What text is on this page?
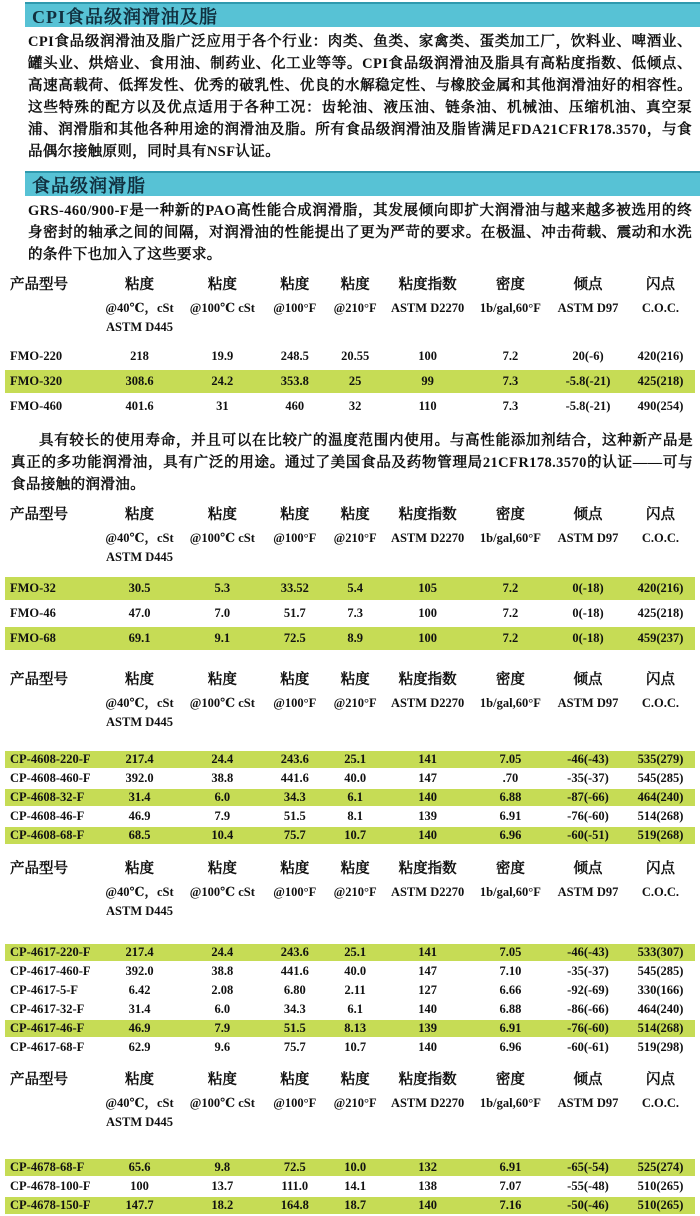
CPI食品级润滑油及脂

CPI食品级润滑油及脂广泛应用于各个行业：肉类、鱼类、家禽类、蛋类加工厂，饮料业、啤酒业、罐头业、烘焙业、食用油、制药业、化工业等等。CPI食品级润滑油及脂具有高粘度指数、低倾点、高速高载荷、低挥发性、优秀的破乳性、优良的水解稳定性、与橡胶金属和其他润滑油好的相容性。这些特殊的配方以及优点适用于各种工况：齿轮油、液压油、链条油、机械油、压缩机油、真空泵浦、润滑脂和其他各种用途的润滑油及脂。所有食品级润滑油及脂皆满足FDA21CFR178.3570，与食品偶尔接触原则，同时具有NSF认证。

食品级润滑脂

GRS-460/900-F是一种新的PAO高性能合成润滑脂，其发展倾向即扩大润滑油与越来越多被选用的终身密封的轴承之间的间隔，对润滑油的性能提出了更为严苛的要求。在极温、冲击荷载、震动和水洗的条件下也加入了这些要求。

产品型号	粘度	粘度	粘度	粘度	粘度指数	密度	倾点	闪点
	@40℃，cSt	@100℃ cSt	@100°F	@210°F	ASTM D2270	1b/gal,60°F	ASTM D97	C.O.C.
	ASTM D445							

FMO-220	218	19.9	248.5	20.55	100	7.2	20(-6)	420(216)
FMO-320	308.6	24.2	353.8	25	99	7.3	-5.8(-21)	425(218)
FMO-460	401.6	31	460	32	110	7.3	-5.8(-21)	490(254)

具有较长的使用寿命，并且可以在比较广的温度范围内使用。与高性能添加剂结合，这种新产品是真正的多功能润滑油，具有广泛的用途。通过了美国食品及药物管理局21CFR178.3570的认证——可与食品接触的润滑油。

产品型号	粘度	粘度	粘度	粘度	粘度指数	密度	倾点	闪点
	@40℃，cSt	@100℃ cSt	@100°F	@210°F	ASTM D2270	1b/gal,60°F	ASTM D97	C.O.C.
	ASTM D445							

FMO-32	30.5	5.3	33.52	5.4	105	7.2	0(-18)	420(216)
FMO-46	47.0	7.0	51.7	7.3	100	7.2	0(-18)	425(218)
FMO-68	69.1	9.1	72.5	8.9	100	7.2	0(-18)	459(237)
产品型号	粘度	粘度	粘度	粘度	粘度指数	密度	倾点	闪点
	@40℃，cSt	@100℃ cSt	@100°F	@210°F	ASTM D2270	1b/gal,60°F	ASTM D97	C.O.C.
	ASTM D445							

CP-4608-220-F	217.4	24.4	243.6	25.1	141	7.05	-46(-43)	535(279)
CP-4608-460-F	392.0	38.8	441.6	40.0	147	.70	-35(-37)	545(285)
CP-4608-32-F	31.4	6.0	34.3	6.1	140	6.88	-87(-66)	464(240)
CP-4608-46-F	46.9	7.9	51.5	8.1	139	6.91	-76(-60)	514(268)
CP-4608-68-F	68.5	10.4	75.7	10.7	140	6.96	-60(-51)	519(268)
产品型号	粘度	粘度	粘度	粘度	粘度指数	密度	倾点	闪点
	@40℃，cSt	@100℃ cSt	@100°F	@210°F	ASTM D2270	1b/gal,60°F	ASTM D97	C.O.C.
	ASTM D445							

CP-4617-220-F	217.4	24.4	243.6	25.1	141	7.05	-46(-43)	533(307)
CP-4617-460-F	392.0	38.8	441.6	40.0	147	7.10	-35(-37)	545(285)
CP-4617-5-F	6.42	2.08	6.80	2.11	127	6.66	-92(-69)	330(166)
CP-4617-32-F	31.4	6.0	34.3	6.1	140	6.88	-86(-66)	464(240)
CP-4617-46-F	46.9	7.9	51.5	8.13	139	6.91	-76(-60)	514(268)
CP-4617-68-F	62.9	9.6	75.7	10.7	140	6.96	-60(-61)	519(298)
产品型号	粘度	粘度	粘度	粘度	粘度指数	密度	倾点	闪点
	@40℃，cSt	@100℃ cSt	@100°F	@210°F	ASTM D2270	1b/gal,60°F	ASTM D97	C.O.C.
	ASTM D445							

CP-4678-68-F	65.6	9.8	72.5	10.0	132	6.91	-65(-54)	525(274)
CP-4678-100-F	100	13.7	111.0	14.1	138	7.07	-55(-48)	510(265)
CP-4678-150-F	147.7	18.2	164.8	18.7	140	7.16	-50(-46)	510(265)
